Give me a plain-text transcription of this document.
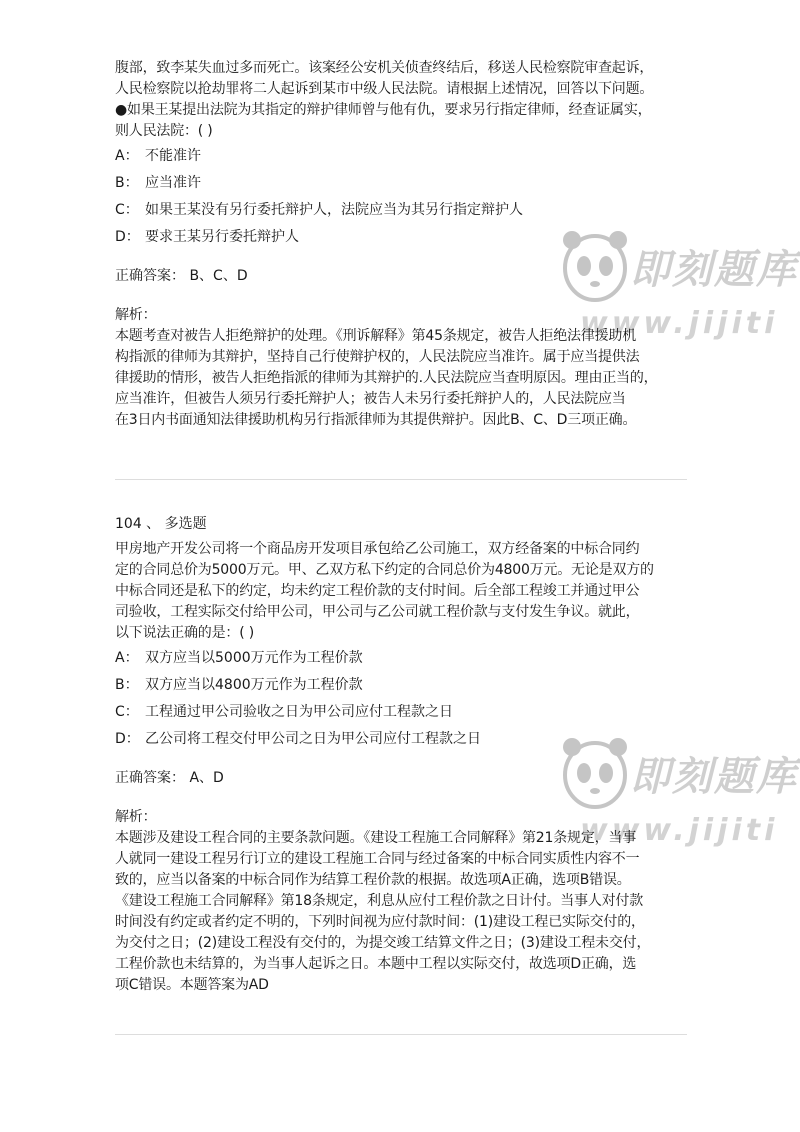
即刻题库
www.jijiti
即刻题库
www.jijiti

腹部，致李某失血过多而死亡。该案经公安机关侦查终结后，移送人民检察院审查起诉，

人民检察院以抢劫罪将二人起诉到某市中级人民法院。请根据上述情况，回答以下问题。

●如果王某提出法院为其指定的辩护律师曾与他有仇，要求另行指定律师，经查证属实，

则人民法院：( )

A： 不能准许

B： 应当准许

C： 如果王某没有另行委托辩护人，法院应当为其另行指定辩护人

D： 要求王某另行委托辩护人

正确答案： B、C、D

解析：

本题考查对被告人拒绝辩护的处理。《刑诉解释》第45条规定，被告人拒绝法律援助机

构指派的律师为其辩护，坚持自己行使辩护权的，人民法院应当准许。属于应当提供法

律援助的情形，被告人拒绝指派的律师为其辩护的.人民法院应当查明原因。理由正当的，

应当准许，但被告人须另行委托辩护人；被告人未另行委托辩护人的，人民法院应当

在3日内书面通知法律援助机构另行指派律师为其提供辩护。因此B、C、D三项正确。

104 、 多选题

甲房地产开发公司将一个商品房开发项目承包给乙公司施工，双方经备案的中标合同约

定的合同总价为5000万元。甲、乙双方私下约定的合同总价为4800万元。无论是双方的

中标合同还是私下的约定，均未约定工程价款的支付时间。后全部工程竣工并通过甲公

司验收，工程实际交付给甲公司，甲公司与乙公司就工程价款与支付发生争议。就此，

以下说法正确的是：( )

A： 双方应当以5000万元作为工程价款

B： 双方应当以4800万元作为工程价款

C： 工程通过甲公司验收之日为甲公司应付工程款之日

D： 乙公司将工程交付甲公司之日为甲公司应付工程款之日

正确答案： A、D

解析：

本题涉及建设工程合同的主要条款问题。《建设工程施工合同解释》第21条规定，当事

人就同一建设工程另行订立的建设工程施工合同与经过备案的中标合同实质性内容不一

致的，应当以备案的中标合同作为结算工程价款的根据。故选项A正确，选项B错误。

《建设工程施工合同解释》第18条规定，利息从应付工程价款之日计付。当事人对付款

时间没有约定或者约定不明的，下列时间视为应付款时间：(1)建设工程已实际交付的，

为交付之日；(2)建设工程没有交付的，为提交竣工结算文件之日；(3)建设工程未交付，

工程价款也未结算的，为当事人起诉之日。本题中工程以实际交付，故选项D正确，选

项C错误。本题答案为AD
